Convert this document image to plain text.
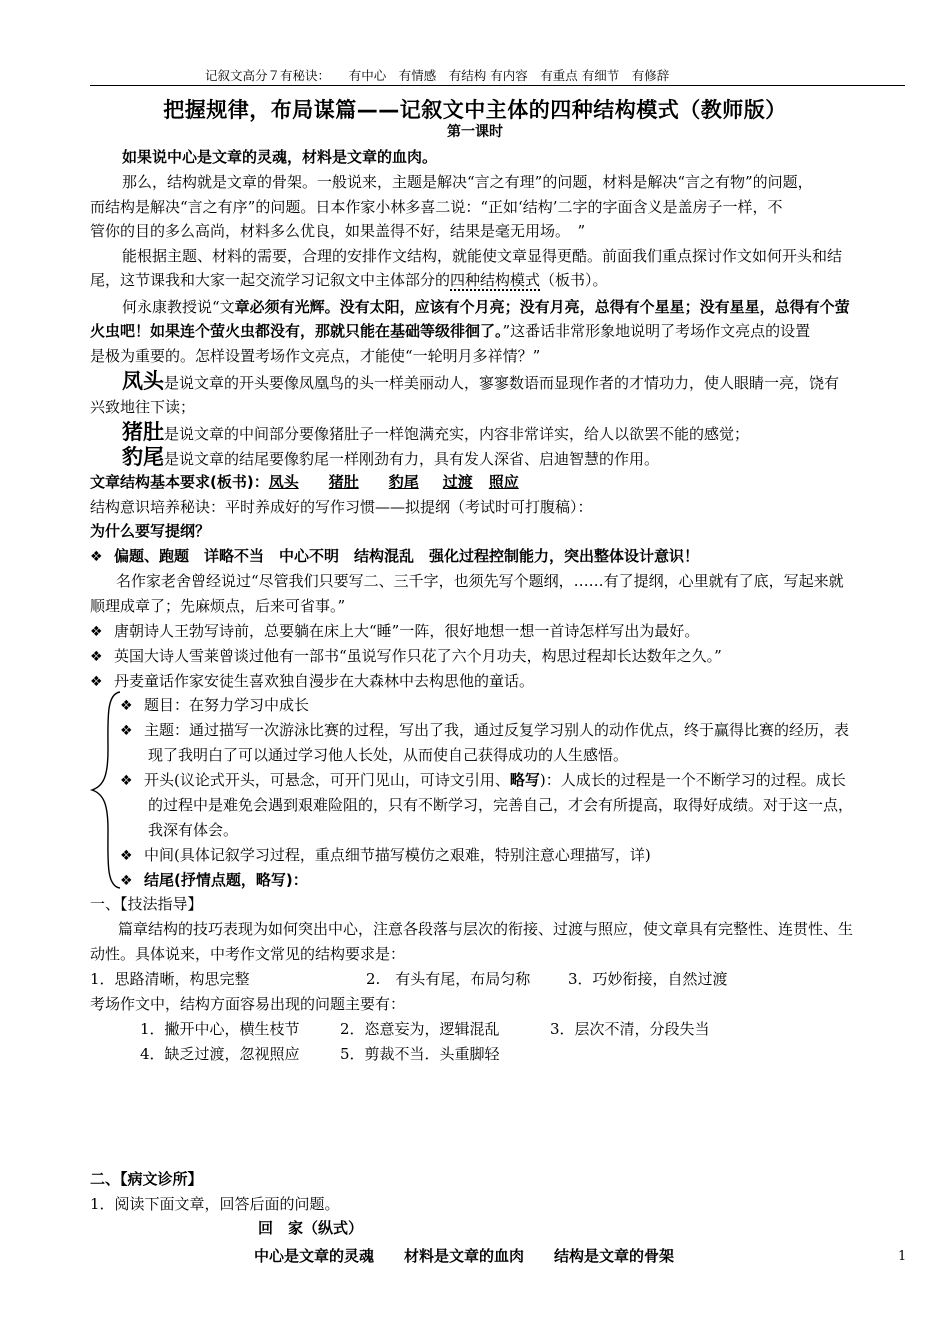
记叙文高分７有秘诀：　　有中心　有情感　有结构 有内容　有重点 有细节　有修辞
把握规律，布局谋篇——记叙文中主体的四种结构模式（教师版）
第一课时
如果说中心是文章的灵魂，材料是文章的血肉。
那么，结构就是文章的骨架。一般说来，主题是解决“言之有理”的问题，材料是解决“言之有物”的问题，
而结构是解决“言之有序”的问题。日本作家小林多喜二说：“正如‘结构’二字的字面含义是盖房子一样，不
管你的目的多么高尚，材料多么优良，如果盖得不好，结果是毫无用场。　”
能根据主题、材料的需要，合理的安排作文结构，就能使文章显得更酷。前面我们重点探讨作文如何开头和结
尾，这节课我和大家一起交流学习记叙文中主体部分的四种结构模式（板书）。
何永康教授说“文章必须有光辉。没有太阳，应该有个月亮；没有月亮，总得有个星星；没有星星，总得有个萤
火虫吧！如果连个萤火虫都没有，那就只能在基础等级徘徊了。”这番话非常形象地说明了考场作文亮点的设置
是极为重要的。怎样设置考场作文亮点，才能使“一轮明月多祥情？”
凤头是说文章的开头要像凤凰鸟的头一样美丽动人，寥寥数语而显现作者的才情功力，使人眼睛一亮，饶有
兴致地往下读；
猪肚是说文章的中间部分要像猪肚子一样饱满充实，内容非常详实，给人以欲罢不能的感觉；
豹尾是说文章的结尾要像豹尾一样刚劲有力，具有发人深省、启迪智慧的作用。
文章结构基本要求(板书)：凤头 猪肚 豹尾 过渡 照应
结构意识培养秘诀：平时养成好的写作习惯——拟提纲（考试时可打腹稿）：
为什么要写提纲？
❖ 偏题、跑题　详略不当　中心不明　结构混乱　强化过程控制能力，突出整体设计意识！
名作家老舍曾经说过“尽管我们只要写二、三千字，也须先写个题纲，……有了提纲，心里就有了底，写起来就
顺理成章了；先麻烦点，后来可省事。”
❖ 唐朝诗人王勃写诗前，总要躺在床上大“睡”一阵，很好地想一想一首诗怎样写出为最好。
❖ 英国大诗人雪莱曾谈过他有一部书“虽说写作只花了六个月功夫，构思过程却长达数年之久。”
❖ 丹麦童话作家安徒生喜欢独自漫步在大森林中去构思他的童话。
❖ 题目：在努力学习中成长
❖ 主题：通过描写一次游泳比赛的过程，写出了我，通过反复学习别人的动作优点，终于赢得比赛的经历，表
现了我明白了可以通过学习他人长处，从而使自己获得成功的人生感悟。
❖ 开头(议论式开头，可悬念，可开门见山，可诗文引用、略写)：人成长的过程是一个不断学习的过程。成长
的过程中是难免会遇到艰难险阻的，只有不断学习，完善自己，才会有所提高，取得好成绩。对于这一点，
我深有体会。
❖ 中间(具体记叙学习过程，重点细节描写模仿之艰难，特别注意心理描写，详)
❖ 结尾(抒情点题，略写)：
一、【技法指导】
篇章结构的技巧表现为如何突出中心，注意各段落与层次的衔接、过渡与照应，使文章具有完整性、连贯性、生
动性。具体说来，中考作文常见的结构要求是：
1．思路清晰，构思完整	2.　有头有尾，布局匀称	3．巧妙衔接，自然过渡
考场作文中，结构方面容易出现的问题主要有：
1．撇开中心，横生枝节	2．恣意妄为，逻辑混乱	3．层次不清，分段失当
4．缺乏过渡，忽视照应	5．剪裁不当．头重脚轻
二、【病文诊所】
1．阅读下面文章，回答后面的问题。
回　家（纵式）
中心是文章的灵魂　　材料是文章的血肉　　结构是文章的骨架	1
